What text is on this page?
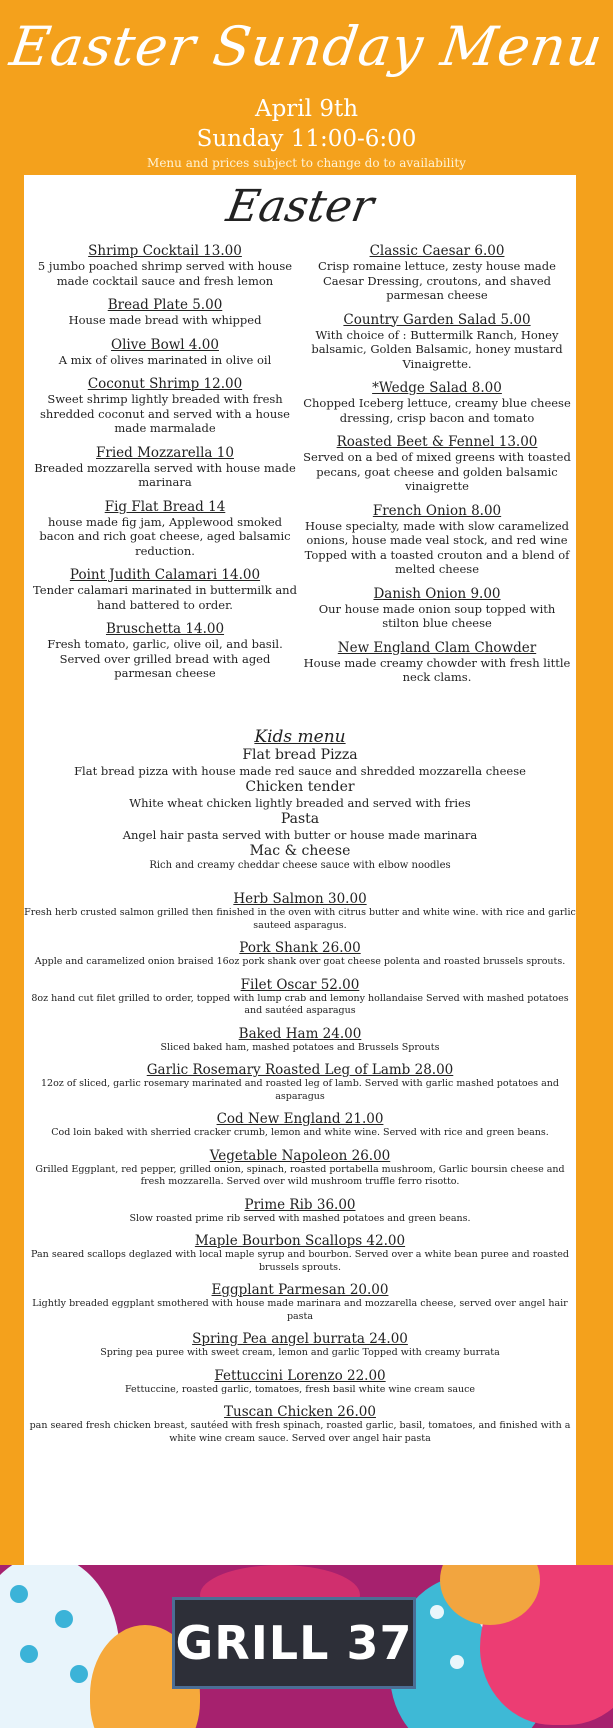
Easter Sunday Menu
April 9th
Sunday 11:00-6:00
Menu and prices subject to change do to availability
Easter
Shrimp Cocktail 13.00
5 jumbo poached shrimp served with house made cocktail sauce and fresh lemon
Bread Plate 5.00
House made bread with whipped
Olive Bowl 4.00
A mix of olives marinated in olive oil
Coconut Shrimp 12.00
Sweet shrimp lightly breaded with fresh shredded coconut and served with a house made marmalade
Fried Mozzarella 10
Breaded mozzarella served with house made marinara
Fig Flat Bread 14
house made fig jam, Applewood smoked bacon and rich goat cheese, aged balsamic reduction.
Point Judith Calamari 14.00
Tender calamari marinated in buttermilk and hand battered to order.
Bruschetta 14.00
Fresh tomato, garlic, olive oil, and basil. Served over grilled bread with aged parmesan cheese
Classic Caesar 6.00
Crisp romaine lettuce, zesty house made Caesar Dressing, croutons, and shaved parmesan cheese
Country Garden Salad 5.00
With choice of : Buttermilk Ranch, Honey balsamic, Golden Balsamic, honey mustard Vinaigrette.
*Wedge Salad 8.00
Chopped Iceberg lettuce, creamy blue cheese dressing, crisp bacon and tomato
Roasted Beet & Fennel 13.00
Served on a bed of mixed greens with toasted pecans, goat cheese and golden balsamic vinaigrette
French Onion 8.00
House specialty, made with slow caramelized onions, house made veal stock, and red wine Topped with a toasted crouton and a blend of melted cheese
Danish Onion 9.00
Our house made onion soup topped with stilton blue cheese
New England Clam Chowder
House made creamy chowder with fresh little neck clams.
Kids menu
Flat bread Pizza
Flat bread pizza with house made red sauce and shredded mozzarella cheese
Chicken tender
White wheat chicken lightly breaded and served with fries
Pasta
Angel hair pasta served with butter or house made marinara
Mac & cheese
Rich and creamy cheddar cheese sauce with elbow noodles
Herb Salmon 30.00
Fresh herb crusted salmon grilled then finished in the oven with citrus butter and white wine. with rice and garlic sauteed asparagus.
Pork Shank 26.00
Apple and caramelized onion braised 16oz pork shank over goat cheese polenta and roasted brussels sprouts.
Filet Oscar 52.00
8oz hand cut filet grilled to order, topped with lump crab and lemony hollandaise Served with mashed potatoes and sautéed asparagus
Baked Ham 24.00
Sliced baked ham, mashed potatoes and Brussels Sprouts
Garlic Rosemary Roasted Leg of Lamb 28.00
12oz of sliced, garlic rosemary marinated and roasted leg of lamb. Served with garlic mashed potatoes and asparagus
Cod New England 21.00
Cod loin baked with sherried cracker crumb, lemon and white wine. Served with rice and green beans.
Vegetable Napoleon 26.00
Grilled Eggplant, red pepper, grilled onion, spinach, roasted portabella mushroom, Garlic boursin cheese and fresh mozzarella. Served over wild mushroom truffle ferro risotto.
Prime Rib 36.00
Slow roasted prime rib served with mashed potatoes and green beans.
Maple Bourbon Scallops 42.00
Pan seared scallops deglazed with local maple syrup and bourbon. Served over a white bean puree and roasted brussels sprouts.
Eggplant Parmesan 20.00
Lightly breaded eggplant smothered with house made marinara and mozzarella cheese, served over angel hair pasta
Spring Pea angel burrata 24.00
Spring pea puree with sweet cream, lemon and garlic Topped with creamy burrata
Fettuccini Lorenzo 22.00
Fettuccine, roasted garlic, tomatoes, fresh basil white wine cream sauce
Tuscan Chicken 26.00
pan seared fresh chicken breast, sautéed with fresh spinach, roasted garlic, basil, tomatoes, and finished with a white wine cream sauce. Served over angel hair pasta
GRILL 37
